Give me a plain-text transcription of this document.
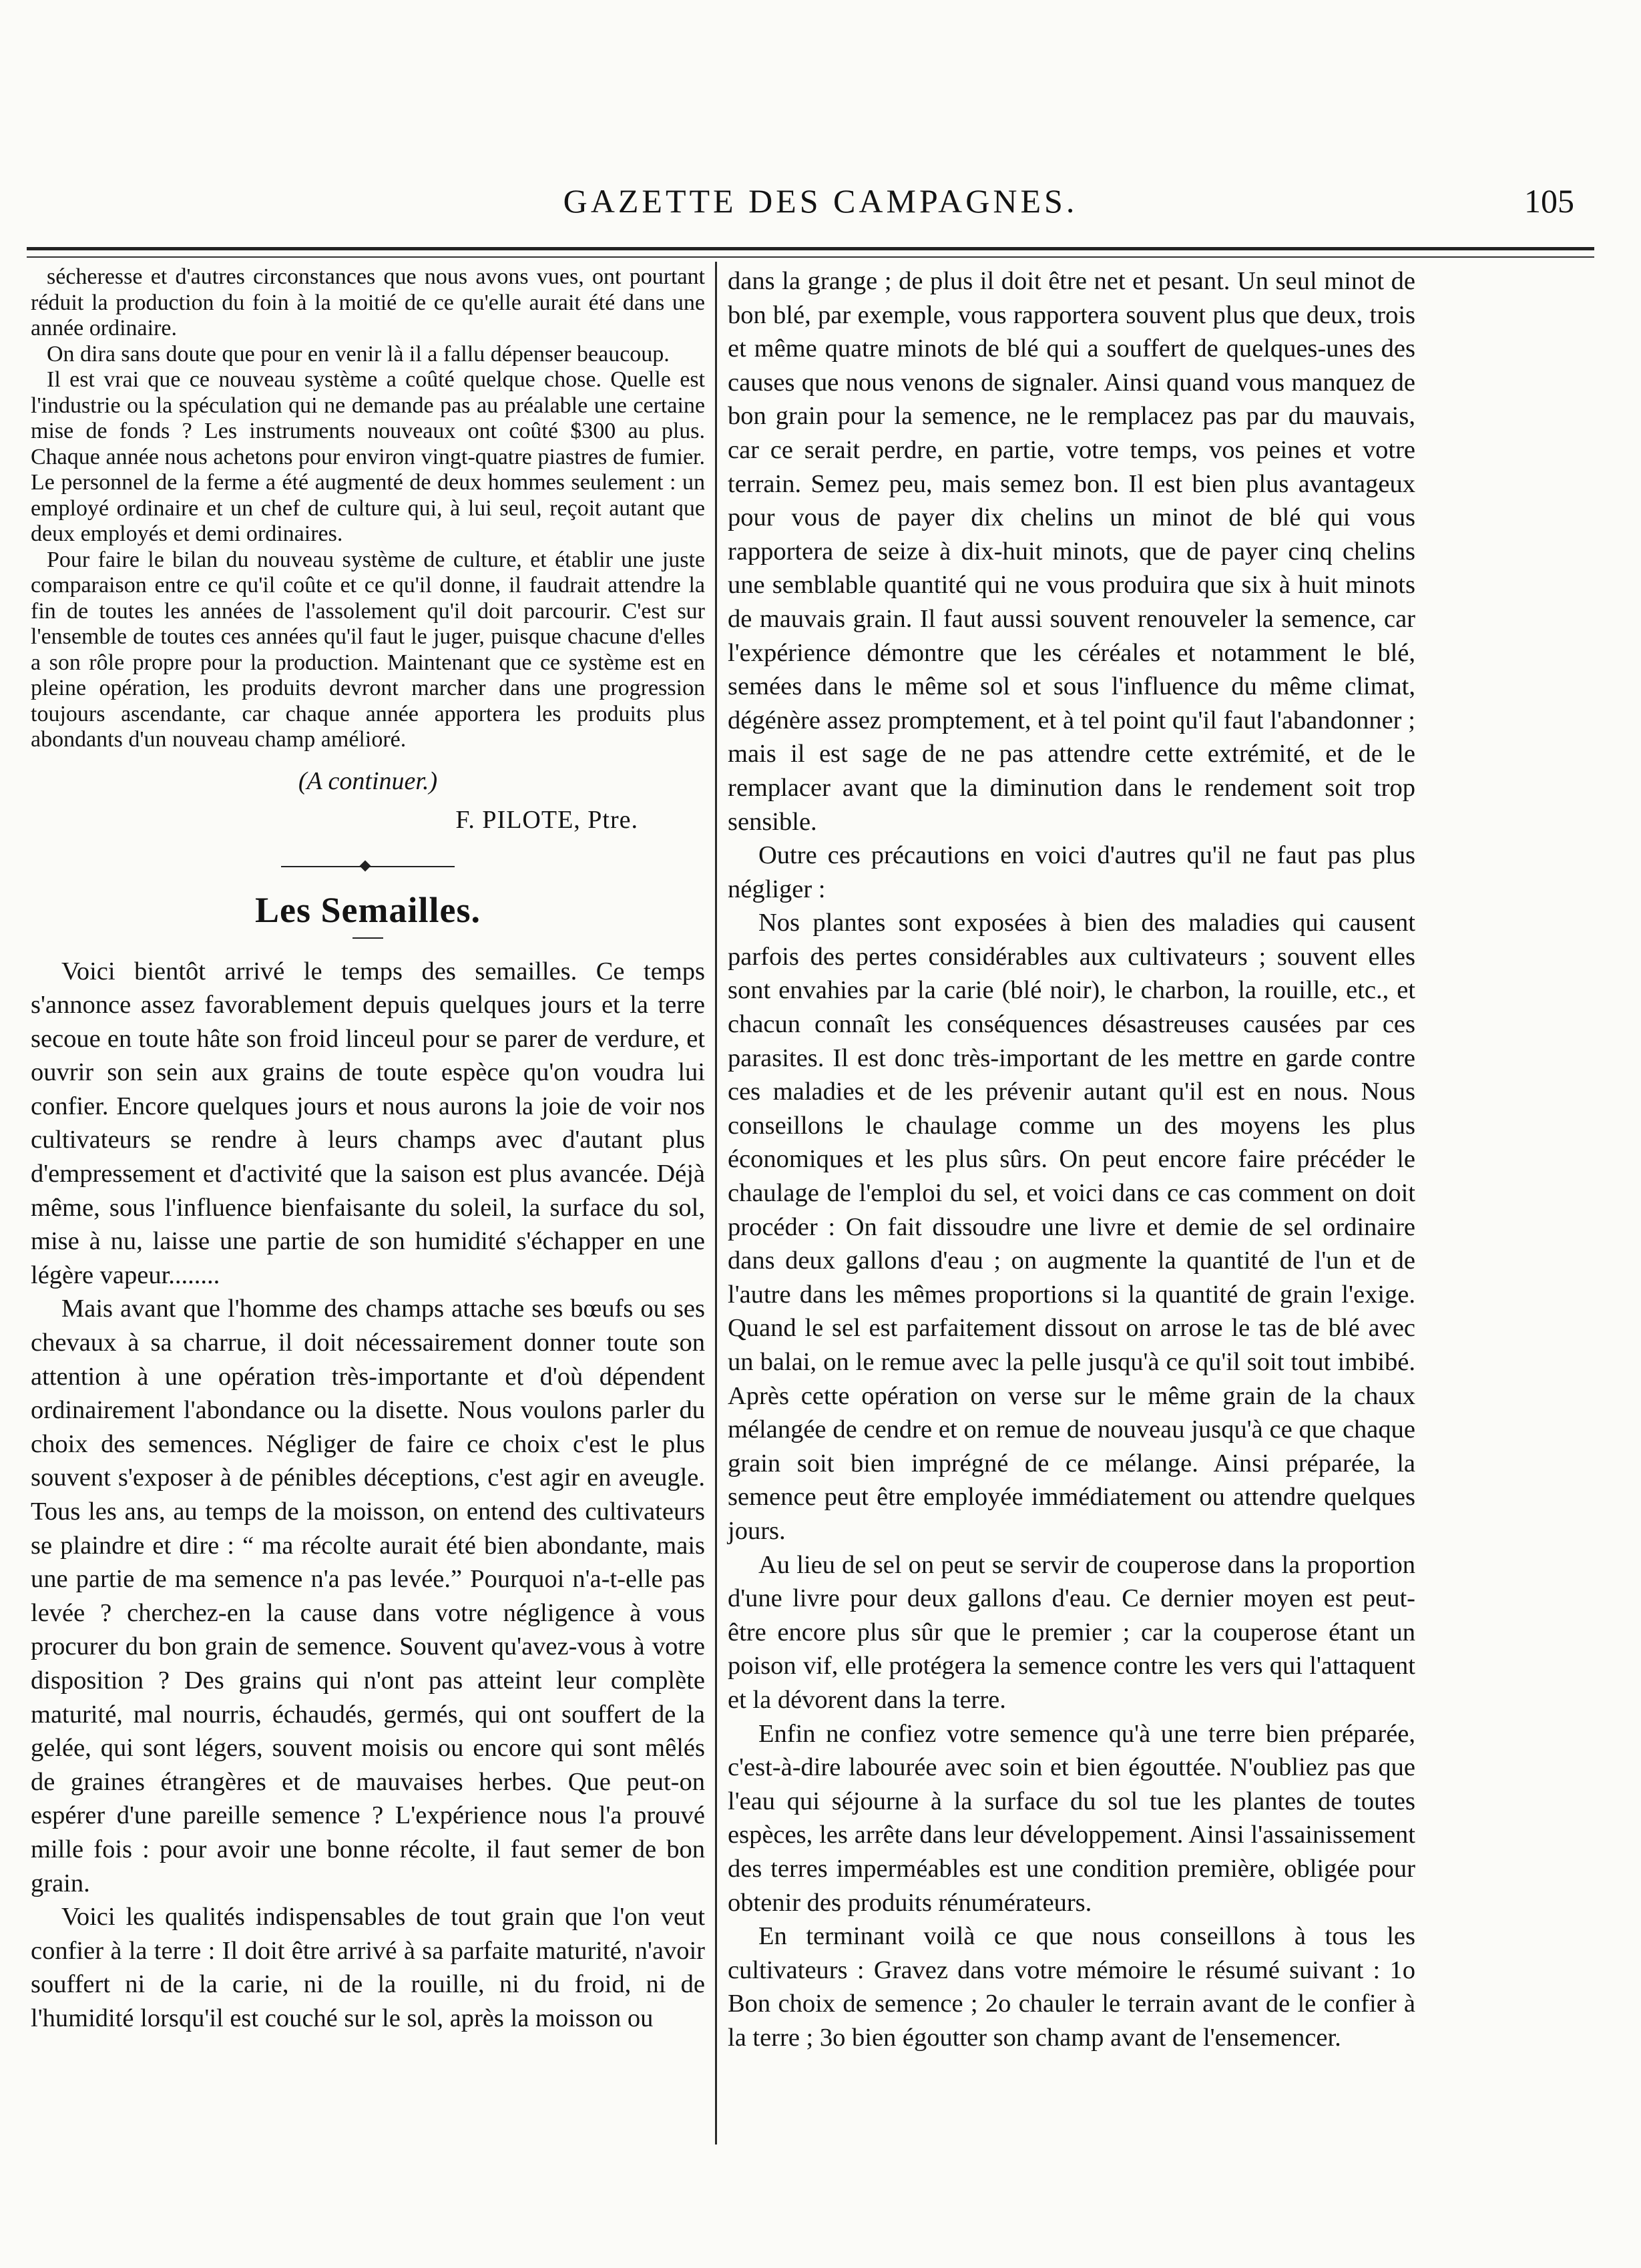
GAZETTE DES CAMPAGNES.	105

sécheresse et d'autres circonstances que nous avons vues, ont pourtant réduit la production du foin à la moitié de ce qu'elle aurait été dans une année ordinaire.

On dira sans doute que pour en venir là il a fallu dépenser beaucoup.

Il est vrai que ce nouveau système a coûté quelque chose. Quelle est l'industrie ou la spéculation qui ne demande pas au préalable une certaine mise de fonds ? Les instruments nouveaux ont coûté $300 au plus. Chaque année nous achetons pour environ vingt-quatre piastres de fumier. Le personnel de la ferme a été augmenté de deux hommes seulement : un employé ordinaire et un chef de culture qui, à lui seul, reçoit autant que deux employés et demi ordinaires.

Pour faire le bilan du nouveau système de culture, et établir une juste comparaison entre ce qu'il coûte et ce qu'il donne, il faudrait attendre la fin de toutes les années de l'assolement qu'il doit parcourir. C'est sur l'ensemble de toutes ces années qu'il faut le juger, puisque chacune d'elles a son rôle propre pour la production. Maintenant que ce système est en pleine opération, les produits devront marcher dans une progression toujours ascendante, car chaque année apportera les produits plus abondants d'un nouveau champ amélioré.

(A continuer.)
F. PILOTE, Ptre.
Les Semailles.

Voici bientôt arrivé le temps des semailles. Ce temps s'annonce assez favorablement depuis quelques jours et la terre secoue en toute hâte son froid linceul pour se parer de verdure, et ouvrir son sein aux grains de toute espèce qu'on voudra lui confier. Encore quelques jours et nous aurons la joie de voir nos cultivateurs se rendre à leurs champs avec d'autant plus d'empressement et d'activité que la saison est plus avancée. Déjà même, sous l'influence bienfaisante du soleil, la surface du sol, mise à nu, laisse une partie de son humidité s'échapper en une légère vapeur........

Mais avant que l'homme des champs attache ses bœufs ou ses chevaux à sa charrue, il doit nécessairement donner toute son attention à une opération très-importante et d'où dépendent ordinairement l'abondance ou la disette. Nous voulons parler du choix des semences. Négliger de faire ce choix c'est le plus souvent s'exposer à de pénibles déceptions, c'est agir en aveugle. Tous les ans, au temps de la moisson, on entend des cultivateurs se plaindre et dire : “ ma récolte aurait été bien abondante, mais une partie de ma semence n'a pas levée.” Pourquoi n'a-t-elle pas levée ? cherchez-en la cause dans votre négligence à vous procurer du bon grain de semence. Souvent qu'avez-vous à votre disposition ? Des grains qui n'ont pas atteint leur complète maturité, mal nourris, échaudés, germés, qui ont souffert de la gelée, qui sont légers, souvent moisis ou encore qui sont mêlés de graines étrangères et de mauvaises herbes. Que peut-on espérer d'une pareille semence ? L'expérience nous l'a prouvé mille fois : pour avoir une bonne récolte, il faut semer de bon grain.

Voici les qualités indispensables de tout grain que l'on veut confier à la terre : Il doit être arrivé à sa parfaite maturité, n'avoir souffert ni de la carie, ni de la rouille, ni du froid, ni de l'humidité lorsqu'il est couché sur le sol, après la moisson ou

dans la grange ; de plus il doit être net et pesant. Un seul minot de bon blé, par exemple, vous rapportera souvent plus que deux, trois et même quatre minots de blé qui a souffert de quelques-unes des causes que nous venons de signaler. Ainsi quand vous manquez de bon grain pour la semence, ne le remplacez pas par du mauvais, car ce serait perdre, en partie, votre temps, vos peines et votre terrain. Semez peu, mais semez bon. Il est bien plus avantageux pour vous de payer dix chelins un minot de blé qui vous rapportera de seize à dix-huit minots, que de payer cinq chelins une semblable quantité qui ne vous produira que six à huit minots de mauvais grain. Il faut aussi souvent renouveler la semence, car l'expérience démontre que les céréales et notamment le blé, semées dans le même sol et sous l'influence du même climat, dégénère assez promptement, et à tel point qu'il faut l'abandonner ; mais il est sage de ne pas attendre cette extrémité, et de le remplacer avant que la diminution dans le rendement soit trop sensible.

Outre ces précautions en voici d'autres qu'il ne faut pas plus négliger :

Nos plantes sont exposées à bien des maladies qui causent parfois des pertes considérables aux cultivateurs ; souvent elles sont envahies par la carie (blé noir), le charbon, la rouille, etc., et chacun connaît les conséquences désastreuses causées par ces parasites. Il est donc très-important de les mettre en garde contre ces maladies et de les prévenir autant qu'il est en nous. Nous conseillons le chaulage comme un des moyens les plus économiques et les plus sûrs. On peut encore faire précéder le chaulage de l'emploi du sel, et voici dans ce cas comment on doit procéder : On fait dissoudre une livre et demie de sel ordinaire dans deux gallons d'eau ; on augmente la quantité de l'un et de l'autre dans les mêmes proportions si la quantité de grain l'exige. Quand le sel est parfaitement dissout on arrose le tas de blé avec un balai, on le remue avec la pelle jusqu'à ce qu'il soit tout imbibé. Après cette opération on verse sur le même grain de la chaux mélangée de cendre et on remue de nouveau jusqu'à ce que chaque grain soit bien imprégné de ce mélange. Ainsi préparée, la semence peut être employée immédiatement ou attendre quelques jours.

Au lieu de sel on peut se servir de couperose dans la proportion d'une livre pour deux gallons d'eau. Ce dernier moyen est peut-être encore plus sûr que le premier ; car la couperose étant un poison vif, elle protégera la semence contre les vers qui l'attaquent et la dévorent dans la terre.

Enfin ne confiez votre semence qu'à une terre bien préparée, c'est-à-dire labourée avec soin et bien égouttée. N'oubliez pas que l'eau qui séjourne à la surface du sol tue les plantes de toutes espèces, les arrête dans leur développement. Ainsi l'assainissement des terres imperméables est une condition première, obligée pour obtenir des produits rénumérateurs.

En terminant voilà ce que nous conseillons à tous les cultivateurs : Gravez dans votre mémoire le résumé suivant : 1o Bon choix de semence ; 2o chauler le terrain avant de le confier à la terre ; 3o bien égoutter son champ avant de l'ensemencer.
